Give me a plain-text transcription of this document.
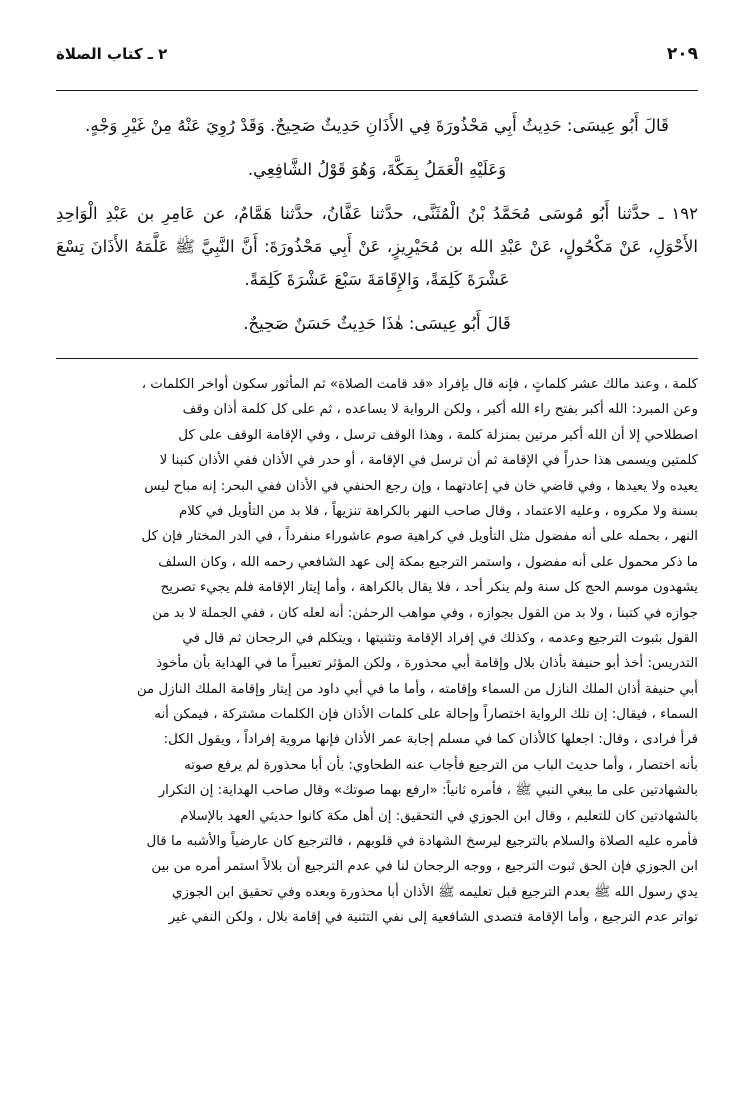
٢٠٩
٢ ـ كتاب الصلاة

قَالَ أَبُو عِيسَى: حَدِيثُ أَبِي مَحْذُورَةَ فِي الأَذَانِ حَدِيثٌ صَحِيحٌ. وَقَدْ رُوِيَ عَنْهُ مِنْ غَيْرِ وَجْهٍ.

وَعَلَيْهِ الْعَمَلُ بِمَكَّةَ، وَهُوَ قَوْلُ الشَّافِعِي.

١٩٢ ـ حدَّثنا أَبُو مُوسَى مُحَمَّدُ بْنُ الْمُثَنَّى، حدَّثنا عَفَّانُ، حدَّثنا هَمَّامٌ، عن عَامِرِ بن عَبْدِ الْوَاحِدِ الأَحْوَلِ، عَنْ مَكْحُولٍ، عَنْ عَبْدِ الله بن مُحَيْرِيزٍ، عَنْ أَبِي مَحْذُورَةَ: أَنَّ النَّبِيَّ ﷺ عَلَّمَهُ الأَذَانَ تِسْعَ عَشْرَةَ كَلِمَةً، وَالإِقَامَةَ سَبْعَ عَشْرَةَ كَلِمَةً.

قَالَ أَبُو عِيسَى: هٰذَا حَدِيثٌ حَسَنٌ صَحِيحٌ.

كلمة ، وعند مالك عشر كلماتٍ ، فإنه قال بإفراد «قد قامت الصلاة» ثم المأثور سكون أواخر الكلمات ،

وعن المبرد: الله أكبر بفتح راء الله أكبر ، ولكن الرواية لا يساعده ، ثم على كل كلمة أذان وقف

اصطلاحي إلا أن الله أكبر مرتين بمنزلة كلمة ، وهذا الوقف ترسل ، وفي الإقامة الوقف على كل

كلمتين ويسمى هذا حدراً في الإقامة ثم أن ترسل في الإقامة ، أو حدر في الأذان ففي الأذان كنبنا لا

يعيده ولا يعيدها ، وفي قاضي خان في إعادتهما ، وإن رجع الحنفي في الأذان ففي البحر: إنه مباح ليس

بسنة ولا مكروه ، وعليه الاعتماد ، وقال صاحب النهر بالكراهة تنزيهاً ، فلا بد من التأويل في كلام

النهر ، بحمله على أنه مفضول مثل التأويل في كراهية صوم عاشوراء منفرداً ، في الدر المختار فإن كل

ما ذكر محمول على أنه مفضول ، واستمر الترجيع بمكة إلى عهد الشافعي رحمه الله ، وكان السلف

يشهدون موسم الحج كل سنة ولم ينكر أحد ، فلا يقال بالكراهة ، وأما إيتار الإقامة فلم يجيء تصريح

جوازه في كتبنا ، ولا بد من القول بجوازه ، وفي مواهب الرحمٰن: أنه لعله كان ، ففي الجملة لا بد من

القول بثبوت الترجيع وعدمه ، وكذلك في إفراد الإقامة وتثنيتها ، ويتكلم في الرجحان ثم قال في

التدريس: أخذ أبو حنيفة بأذان بلال وإقامة أبي محذورة ، ولكن المؤثر تعبيراً ما في الهداية بأن مأخوذ

أبي حنيفة أذان الملك النازل من السماء وإقامته ، وأما ما في أبي داود من إيتار وإقامة الملك النازل من

السماء ، فيقال: إن تلك الرواية اختصاراً وإحالة على كلمات الأذان فإن الكلمات مشتركة ، فيمكن أنه

قرأ فرادى ، وقال: اجعلها كالأذان كما في مسلم إجابة عمر الأذان فإنها مروية إفراداً ، ويقول الكل:

بأنه اختصار ، وأما حديث الباب من الترجيع فأجاب عنه الطحاوي: بأن أبا محذورة لم يرفع صوته

بالشهادتين على ما يبغي النبي ﷺ ، فأمره ثانياً: «ارفع بهما صوتك» وقال صاحب الهداية: إن التكرار

بالشهادتين كان للتعليم ، وقال ابن الجوزي في التحقيق: إن أهل مكة كانوا حديثي العهد بالإسلام

فأمره عليه الصلاة والسلام بالترجيع ليرسخ الشهادة في قلوبهم ، فالترجيع كان عارضياً والأشبه ما قال

ابن الجوزي فإن الحق ثبوت الترجيع ، ووجه الرجحان لنا في عدم الترجيع أن بلالاً استمر أمره من بين

يدي رسول الله ﷺ بعدم الترجيع قبل تعليمه ﷺ الأذان أبا محذورة وبعده وفي تحقيق ابن الجوزي

تواتر عدم الترجيع ، وأما الإقامة فتصدى الشافعية إلى نفي التثنية في إقامة بلال ، ولكن النفي غير
